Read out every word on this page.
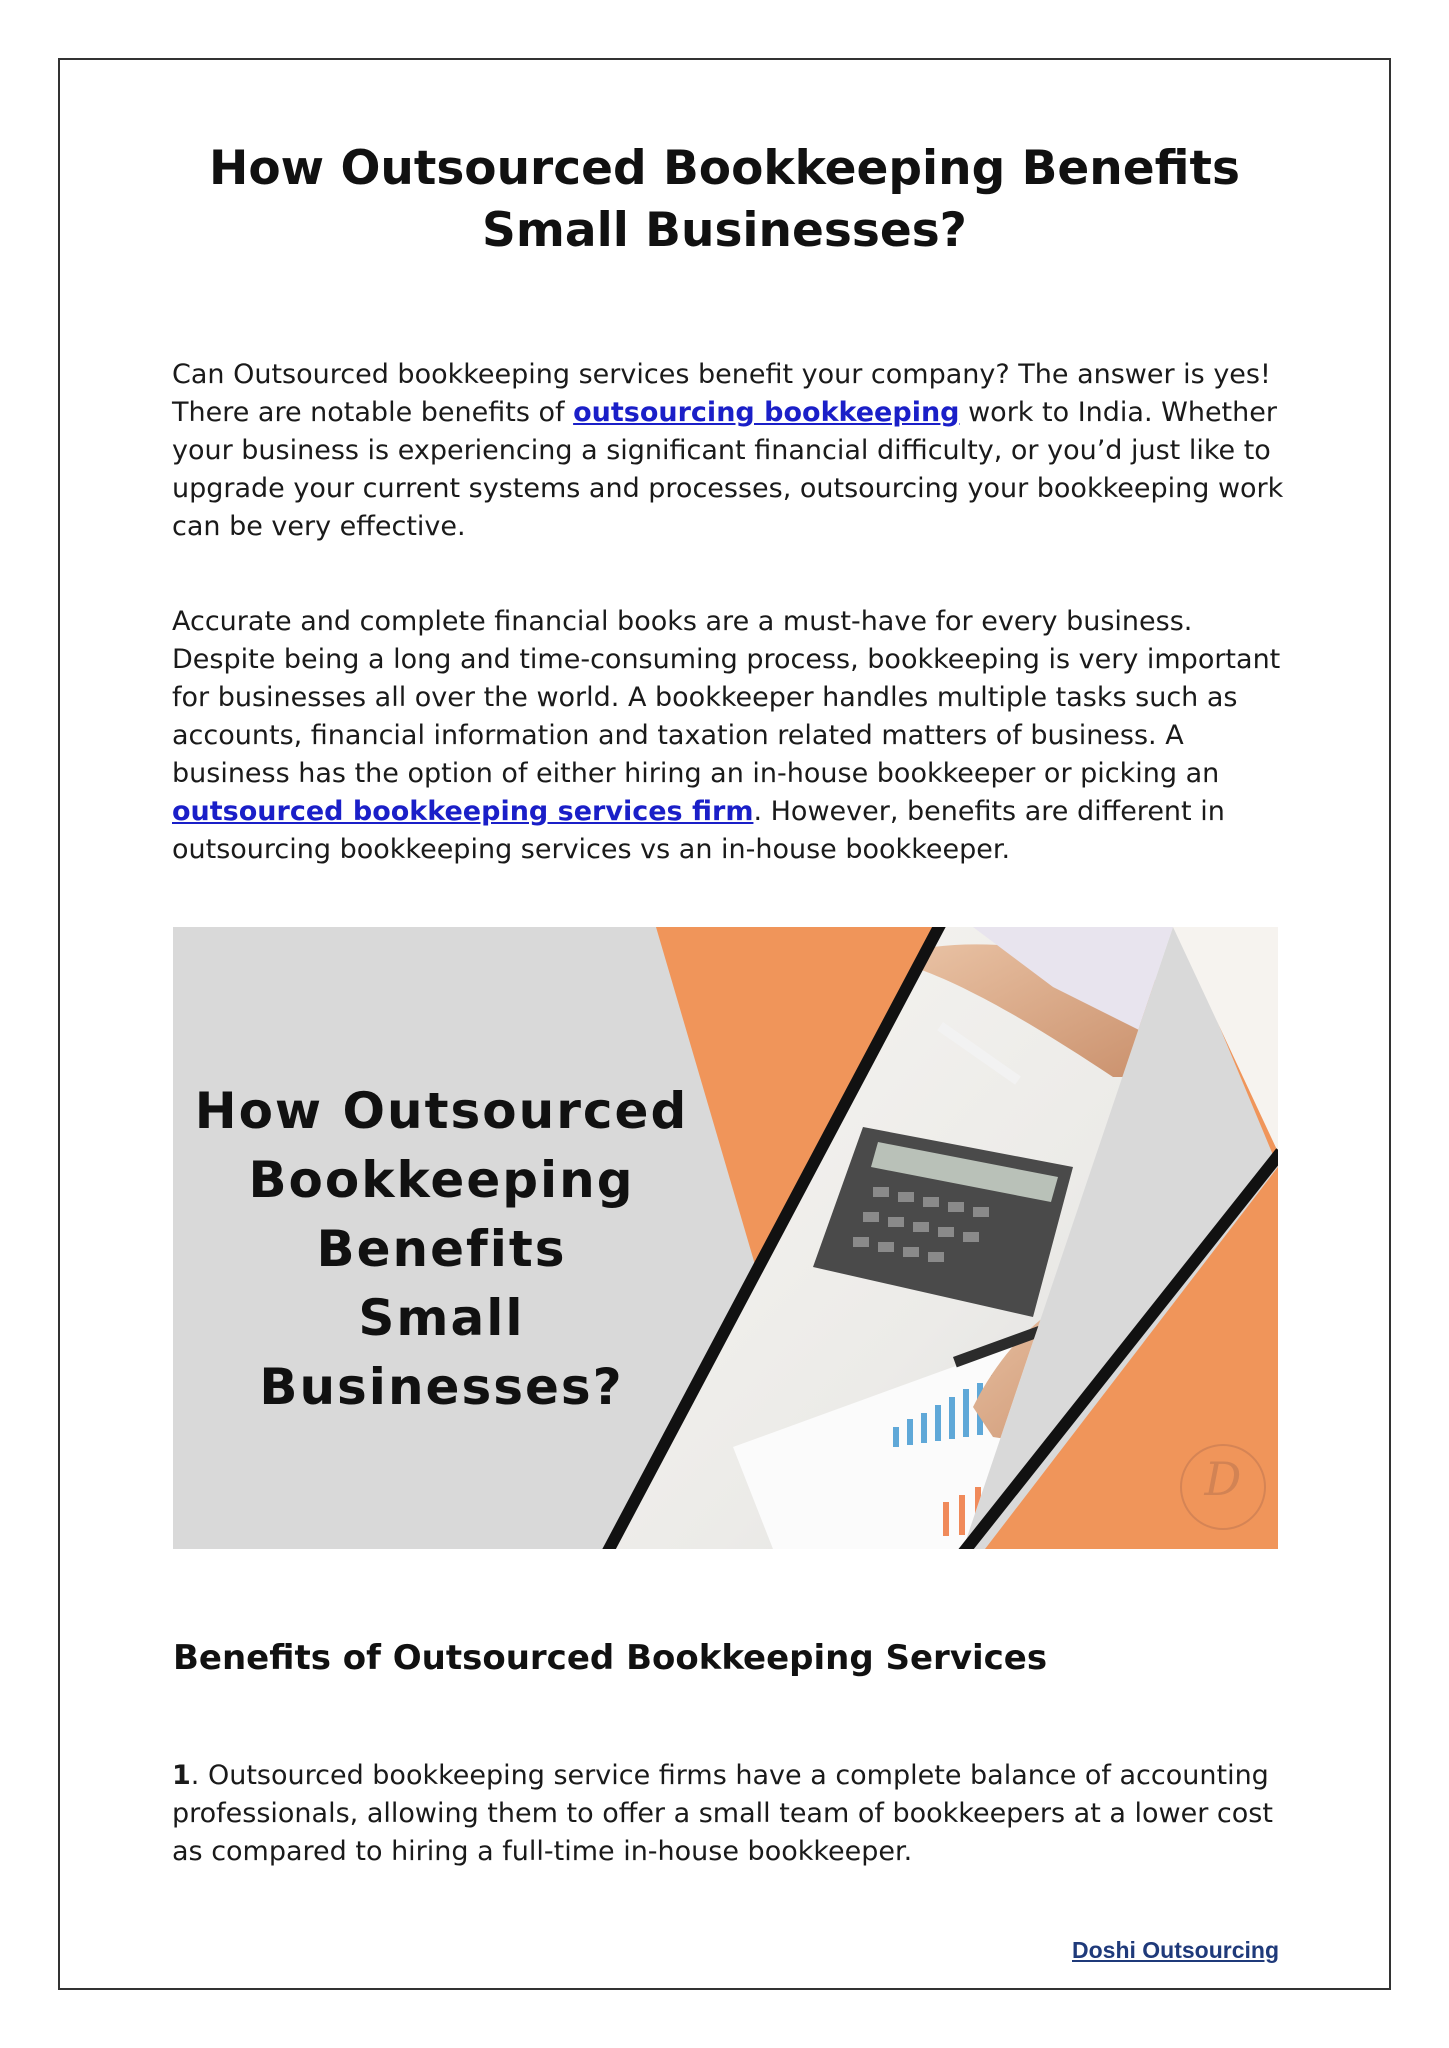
How Outsourced Bookkeeping Benefits
Small Businesses?

Can Outsourced bookkeeping services benefit your company? The answer is yes! There are notable benefits of outsourcing bookkeeping work to India. Whether your business is experiencing a significant financial difficulty, or you’d just like to upgrade your current systems and processes, outsourcing your bookkeeping work can be very effective.

Accurate and complete financial books are a must-have for every business. Despite being a long and time-consuming process, bookkeeping is very important for businesses all over the world. A bookkeeper handles multiple tasks such as accounts, financial information and taxation related matters of business. A business has the option of either hiring an in-house bookkeeper or picking an outsourced bookkeeping services firm. However, benefits are different in outsourcing bookkeeping services vs an in-house bookkeeper.

How Outsourced
Bookkeeping
Benefits
Small Businesses?
D
Benefits of Outsourced Bookkeeping Services

1. Outsourced bookkeeping service firms have a complete balance of accounting professionals, allowing them to offer a small team of bookkeepers at a lower cost as compared to hiring a full-time in-house bookkeeper.

Doshi Outsourcing
